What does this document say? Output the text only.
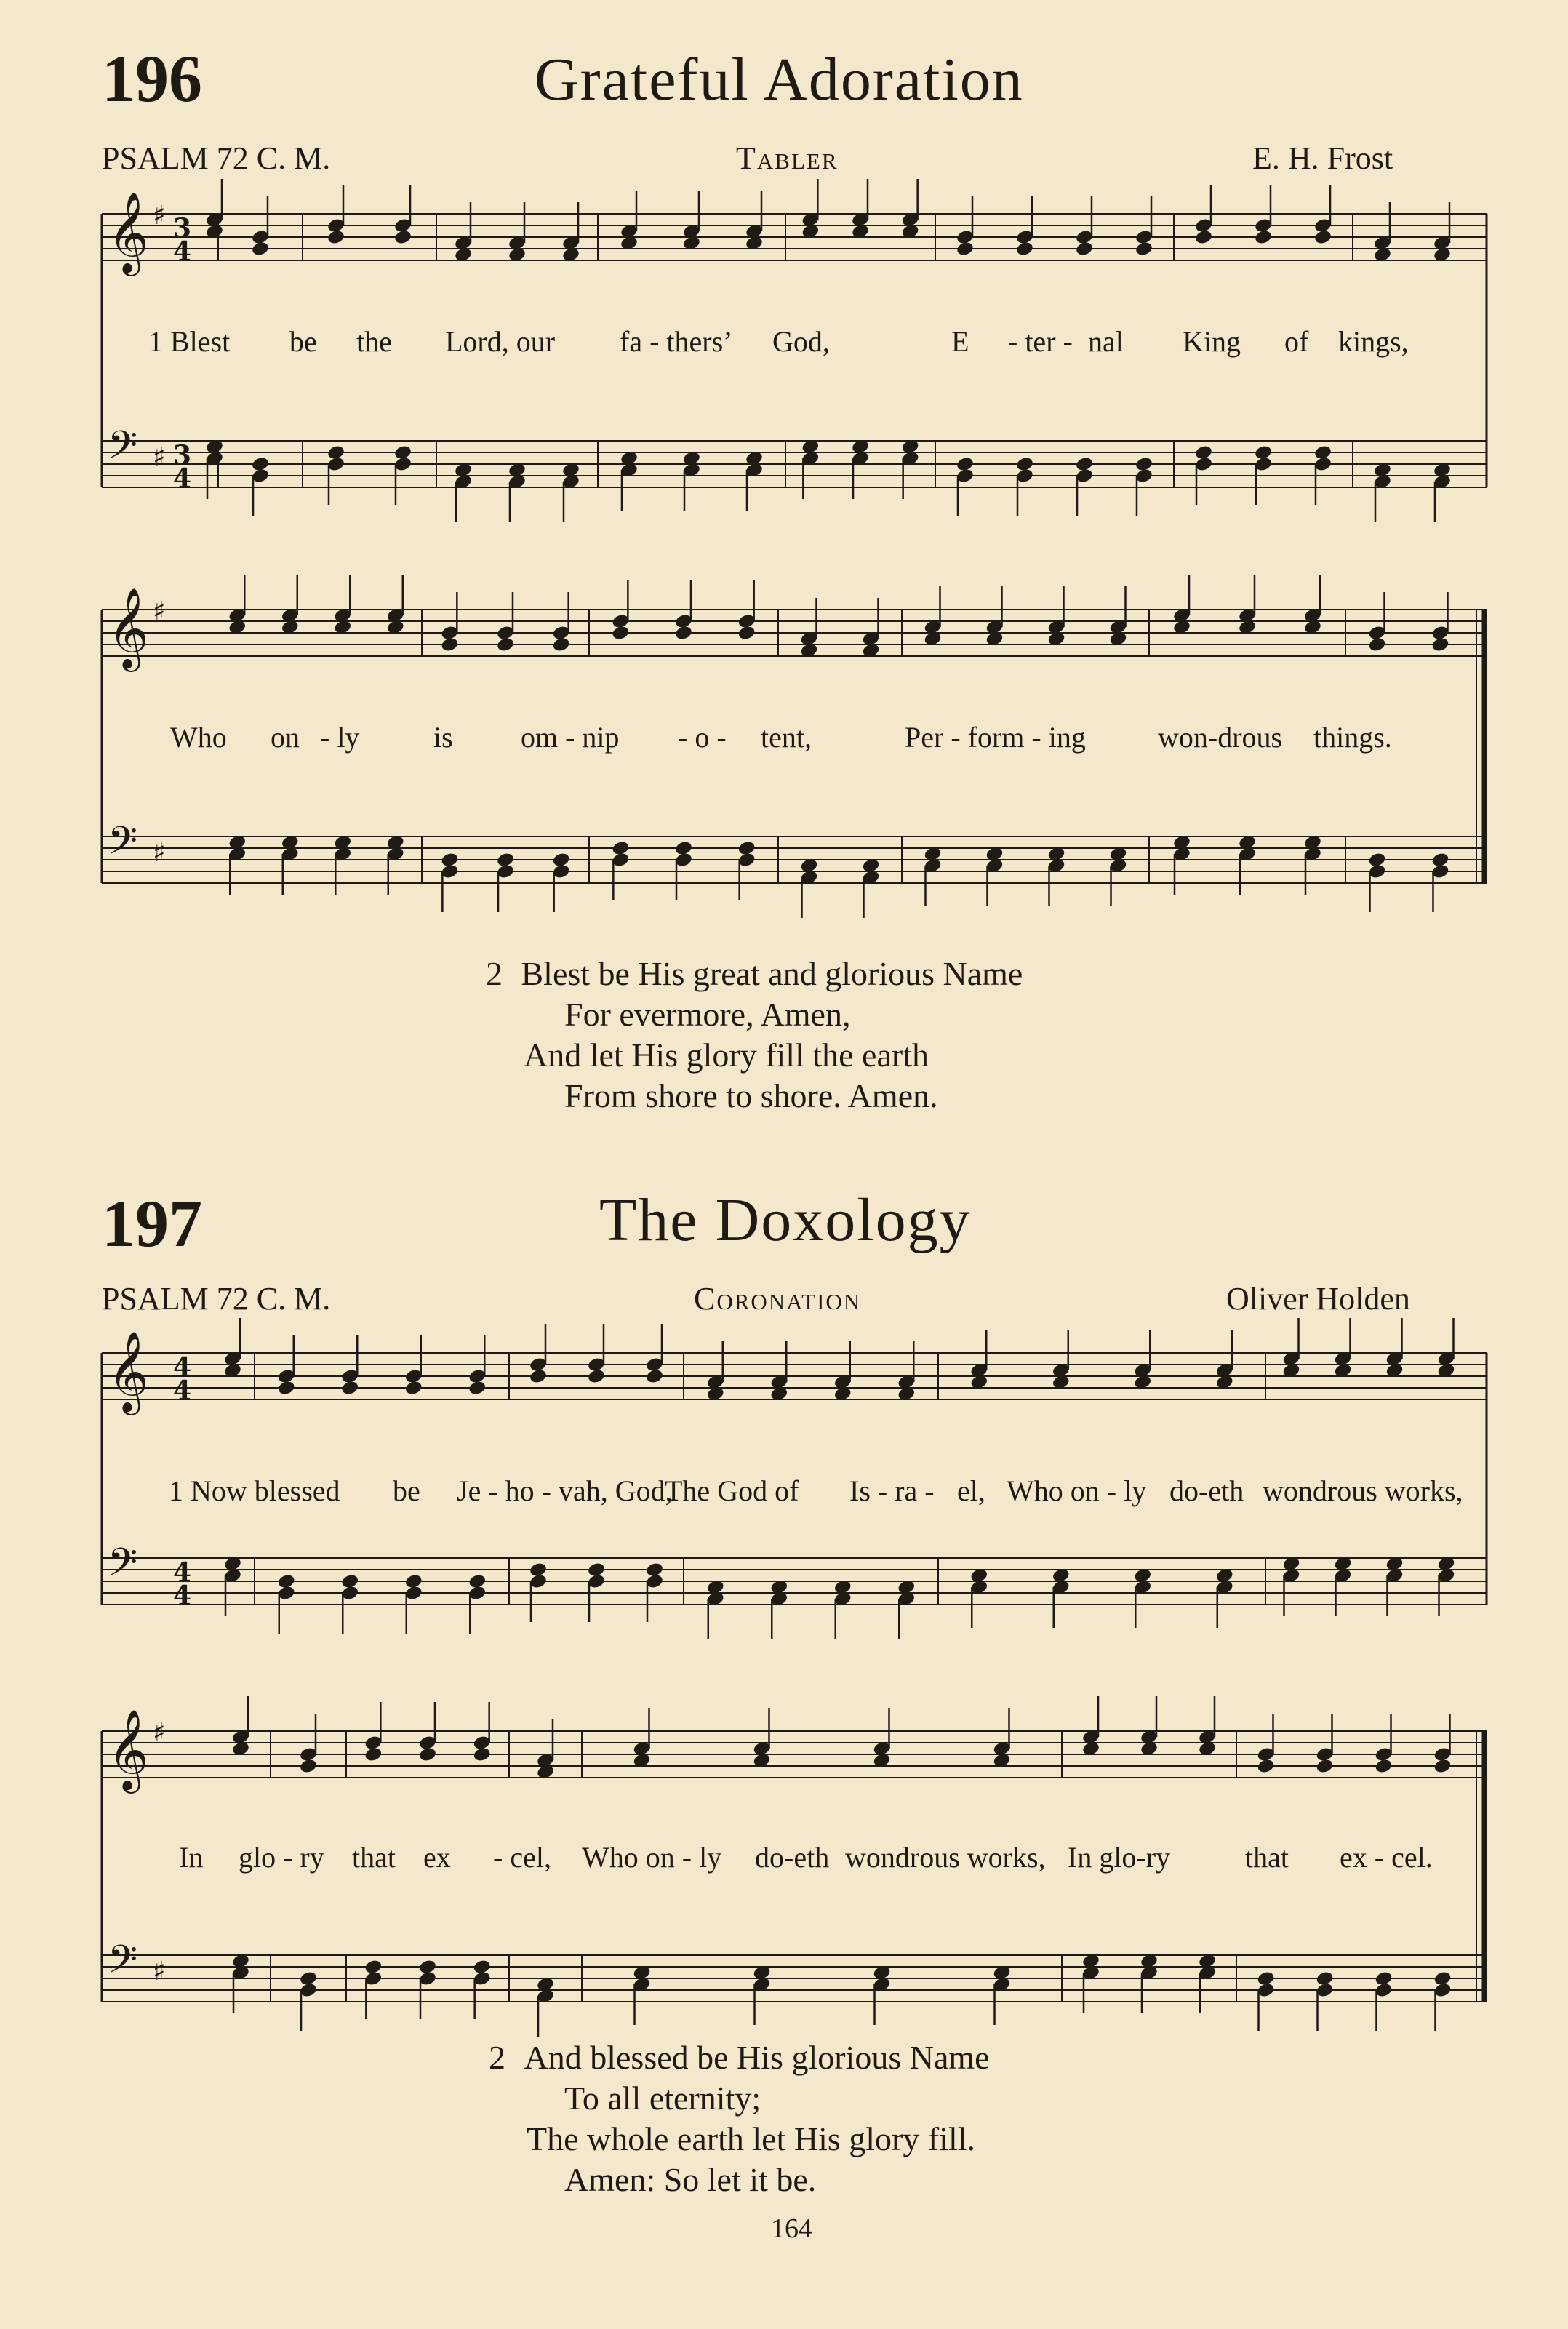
196	Grateful Adoration
PSALM 72 C. M.	Tabler	E. H. Frost
𝄞 ♯ 3
4
𝄢 ♯ 3
4
1 Blest be the Lord, our fa - thers’ God,	E - ter - nal King of kings,
𝄞 ♯
𝄢 ♯
Who on - ly	is om - nip - o - tent,	Per - form - ing won-drous things.
2 Blest be His great and glorious Name
For evermore, Amen,
And let His glory fill the earth
From shore to shore. Amen.
197	The Doxology
PSALM 72 C. M.	Coronation	Oliver Holden
𝄞 4
4
𝄢 4
4
1 Now blessed be Je - ho - vah, God,
The God of Is - ra - el, Who on - ly do-eth wondrous works,
𝄞 ♯
𝄢 ♯
In glo - ry that ex - cel, Who on - ly do-eth wondrous works, In glo-ry	that ex - cel.
2 And blessed be His glorious Name
To all eternity;
The whole earth let His glory fill.
Amen: So let it be.
164
